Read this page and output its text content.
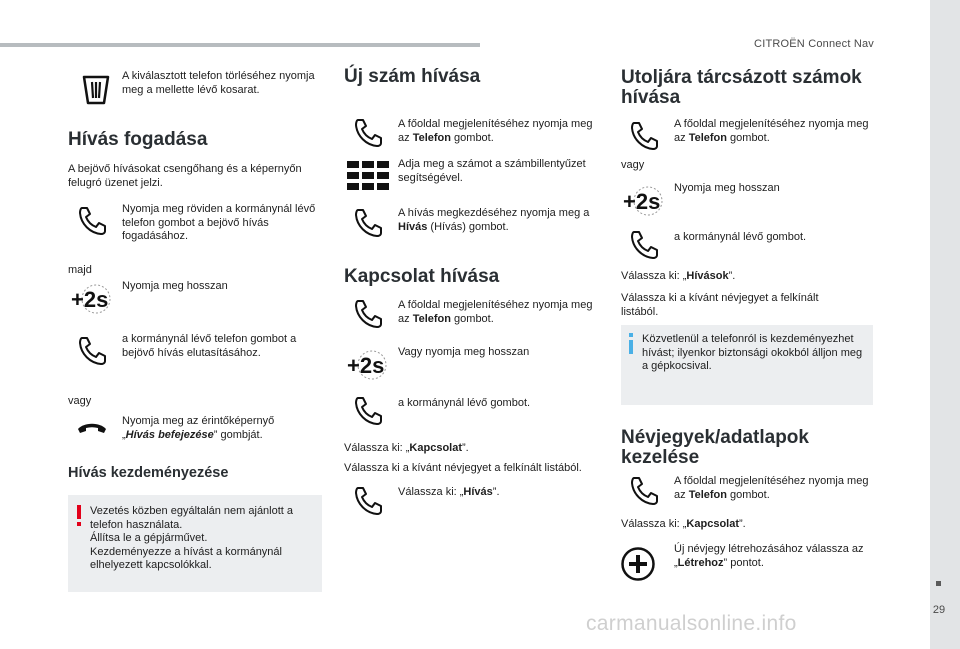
CITROËN Connect Nav
29
carmanualsonline.info
A kiválasztott telefon törléséhez nyomja meg a mellette lévő kosarat.
Hívás fogadása
A bejövő hívásokat csengőhang és a képernyőn felugró üzenet jelzi.
Nyomja meg röviden a kormánynál lévő telefon gombot a bejövő hívás fogadásához.
majd
+2s
Nyomja meg hosszan
a kormánynál lévő telefon gombot a bejövő hívás elutasításához.
vagy
Nyomja meg az érintőképernyő
„Hívás befejezése” gombját.
Hívás kezdeményezése
Vezetés közben egyáltalán nem ajánlott a telefon használata.
Állítsa le a gépjárművet.
Kezdeményezze a hívást a kormánynál elhelyezett kapcsolókkal.
Új szám hívása
A főoldal megjelenítéséhez nyomja meg az Telefon gombot.
Adja meg a számot a számbillentyűzet segítségével.
A hívás megkezdéséhez nyomja meg a Hívás (Hívás) gombot.
Kapcsolat hívása
A főoldal megjelenítéséhez nyomja meg az Telefon gombot.
+2s
Vagy nyomja meg hosszan
a kormánynál lévő gombot.
Válassza ki: „Kapcsolat”.
Válassza ki a kívánt névjegyet a felkínált listából.
Válassza ki: „Hívás”.
Utoljára tárcsázott számok hívása
A főoldal megjelenítéséhez nyomja meg az Telefon gombot.
vagy
+2s
Nyomja meg hosszan
a kormánynál lévő gombot.
Válassza ki: „Hívások”.
Válassza ki a kívánt névjegyet a felkínált listából.
Közvetlenül a telefonról is kezdeményezhet hívást; ilyenkor biztonsági okokból álljon meg a gépkocsival.
Névjegyek/adatlapok kezelése
A főoldal megjelenítéséhez nyomja meg az Telefon gombot.
Válassza ki: „Kapcsolat”.
Új névjegy létrehozásához válassza az „Létrehoz” pontot.
